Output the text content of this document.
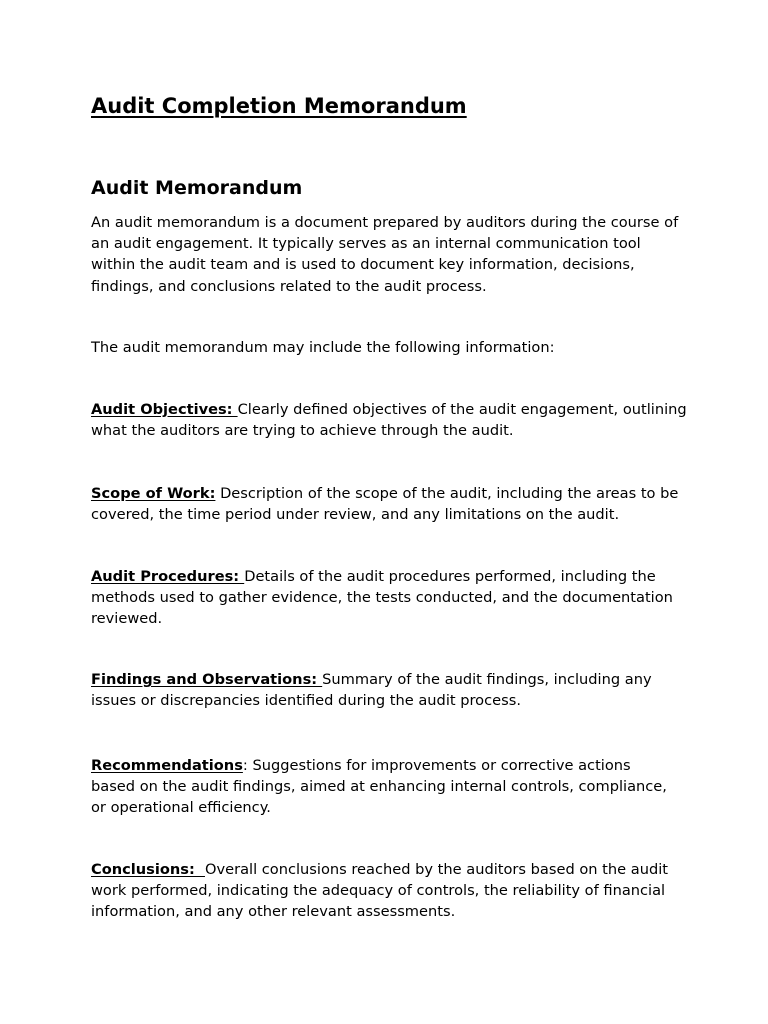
Audit Completion Memorandum
Audit Memorandum

An audit memorandum is a document prepared by auditors during the course of an audit engagement. It typically serves as an internal communication tool within the audit team and is used to document key information, decisions, findings, and conclusions related to the audit process.

The audit memorandum may include the following information:

Audit Objectives: Clearly defined objectives of the audit engagement, outlining what the auditors are trying to achieve through the audit.

Scope of Work: Description of the scope of the audit, including the areas to be covered, the time period under review, and any limitations on the audit.

Audit Procedures: Details of the audit procedures performed, including the methods used to gather evidence, the tests conducted, and the documentation reviewed.

Findings and Observations: Summary of the audit findings, including any issues or discrepancies identified during the audit process.

Recommendations: Suggestions for improvements or corrective actions based on the audit findings, aimed at enhancing internal controls, compliance, or operational efficiency.

Conclusions:  Overall conclusions reached by the auditors based on the audit work performed, indicating the adequacy of controls, the reliability of financial information, and any other relevant assessments.
